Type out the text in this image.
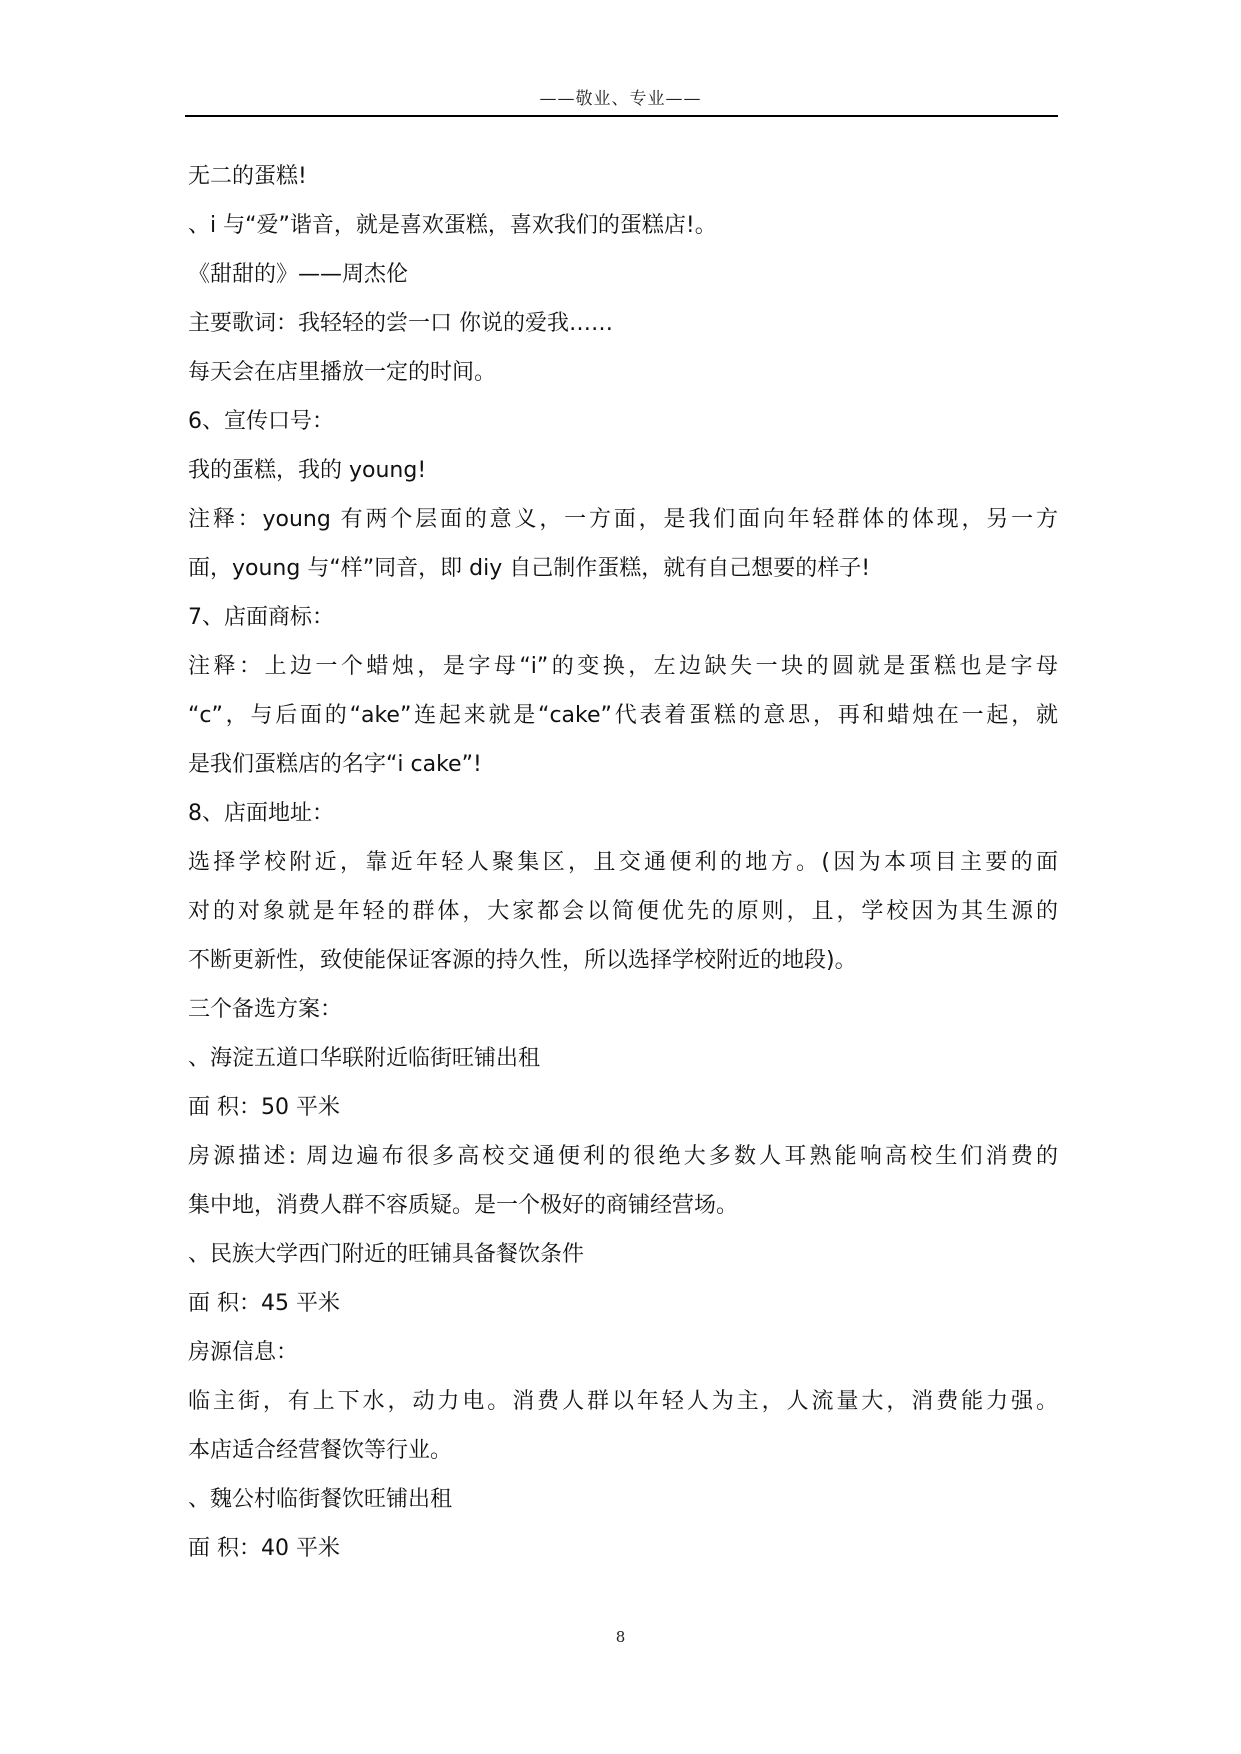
——敬业、专业——
无二的蛋糕!
、i 与“爱”谐音，就是喜欢蛋糕，喜欢我们的蛋糕店!。
《甜甜的》——周杰伦
主要歌词：我轻轻的尝一口 你说的爱我……
每天会在店里播放一定的时间。
6、宣传口号：
我的蛋糕，我的 young!
注释：young 有两个层面的意义，一方面，是我们面向年轻群体的体现，另一方
面，young 与“样”同音，即 diy 自己制作蛋糕，就有自己想要的样子!
7、店面商标：
注释：上边一个蜡烛，是字母“i”的变换，左边缺失一块的圆就是蛋糕也是字母
“c”，与后面的“ake”连起来就是“cake”代表着蛋糕的意思，再和蜡烛在一起，就
是我们蛋糕店的名字“i cake”!
8、店面地址：
选择学校附近，靠近年轻人聚集区，且交通便利的地方。(因为本项目主要的面
对的对象就是年轻的群体，大家都会以简便优先的原则，且，学校因为其生源的
不断更新性，致使能保证客源的持久性，所以选择学校附近的地段)。
三个备选方案：
、海淀五道口华联附近临街旺铺出租
面 积：50 平米
房源描述: 周边遍布很多高校交通便利的很绝大多数人耳熟能响高校生们消费的
集中地，消费人群不容质疑。是一个极好的商铺经营场。
、民族大学西门附近的旺铺具备餐饮条件
面 积：45 平米
房源信息：
临主街，有上下水，动力电。消费人群以年轻人为主，人流量大，消费能力强。
本店适合经营餐饮等行业。
、魏公村临街餐饮旺铺出租
面 积：40 平米
8
